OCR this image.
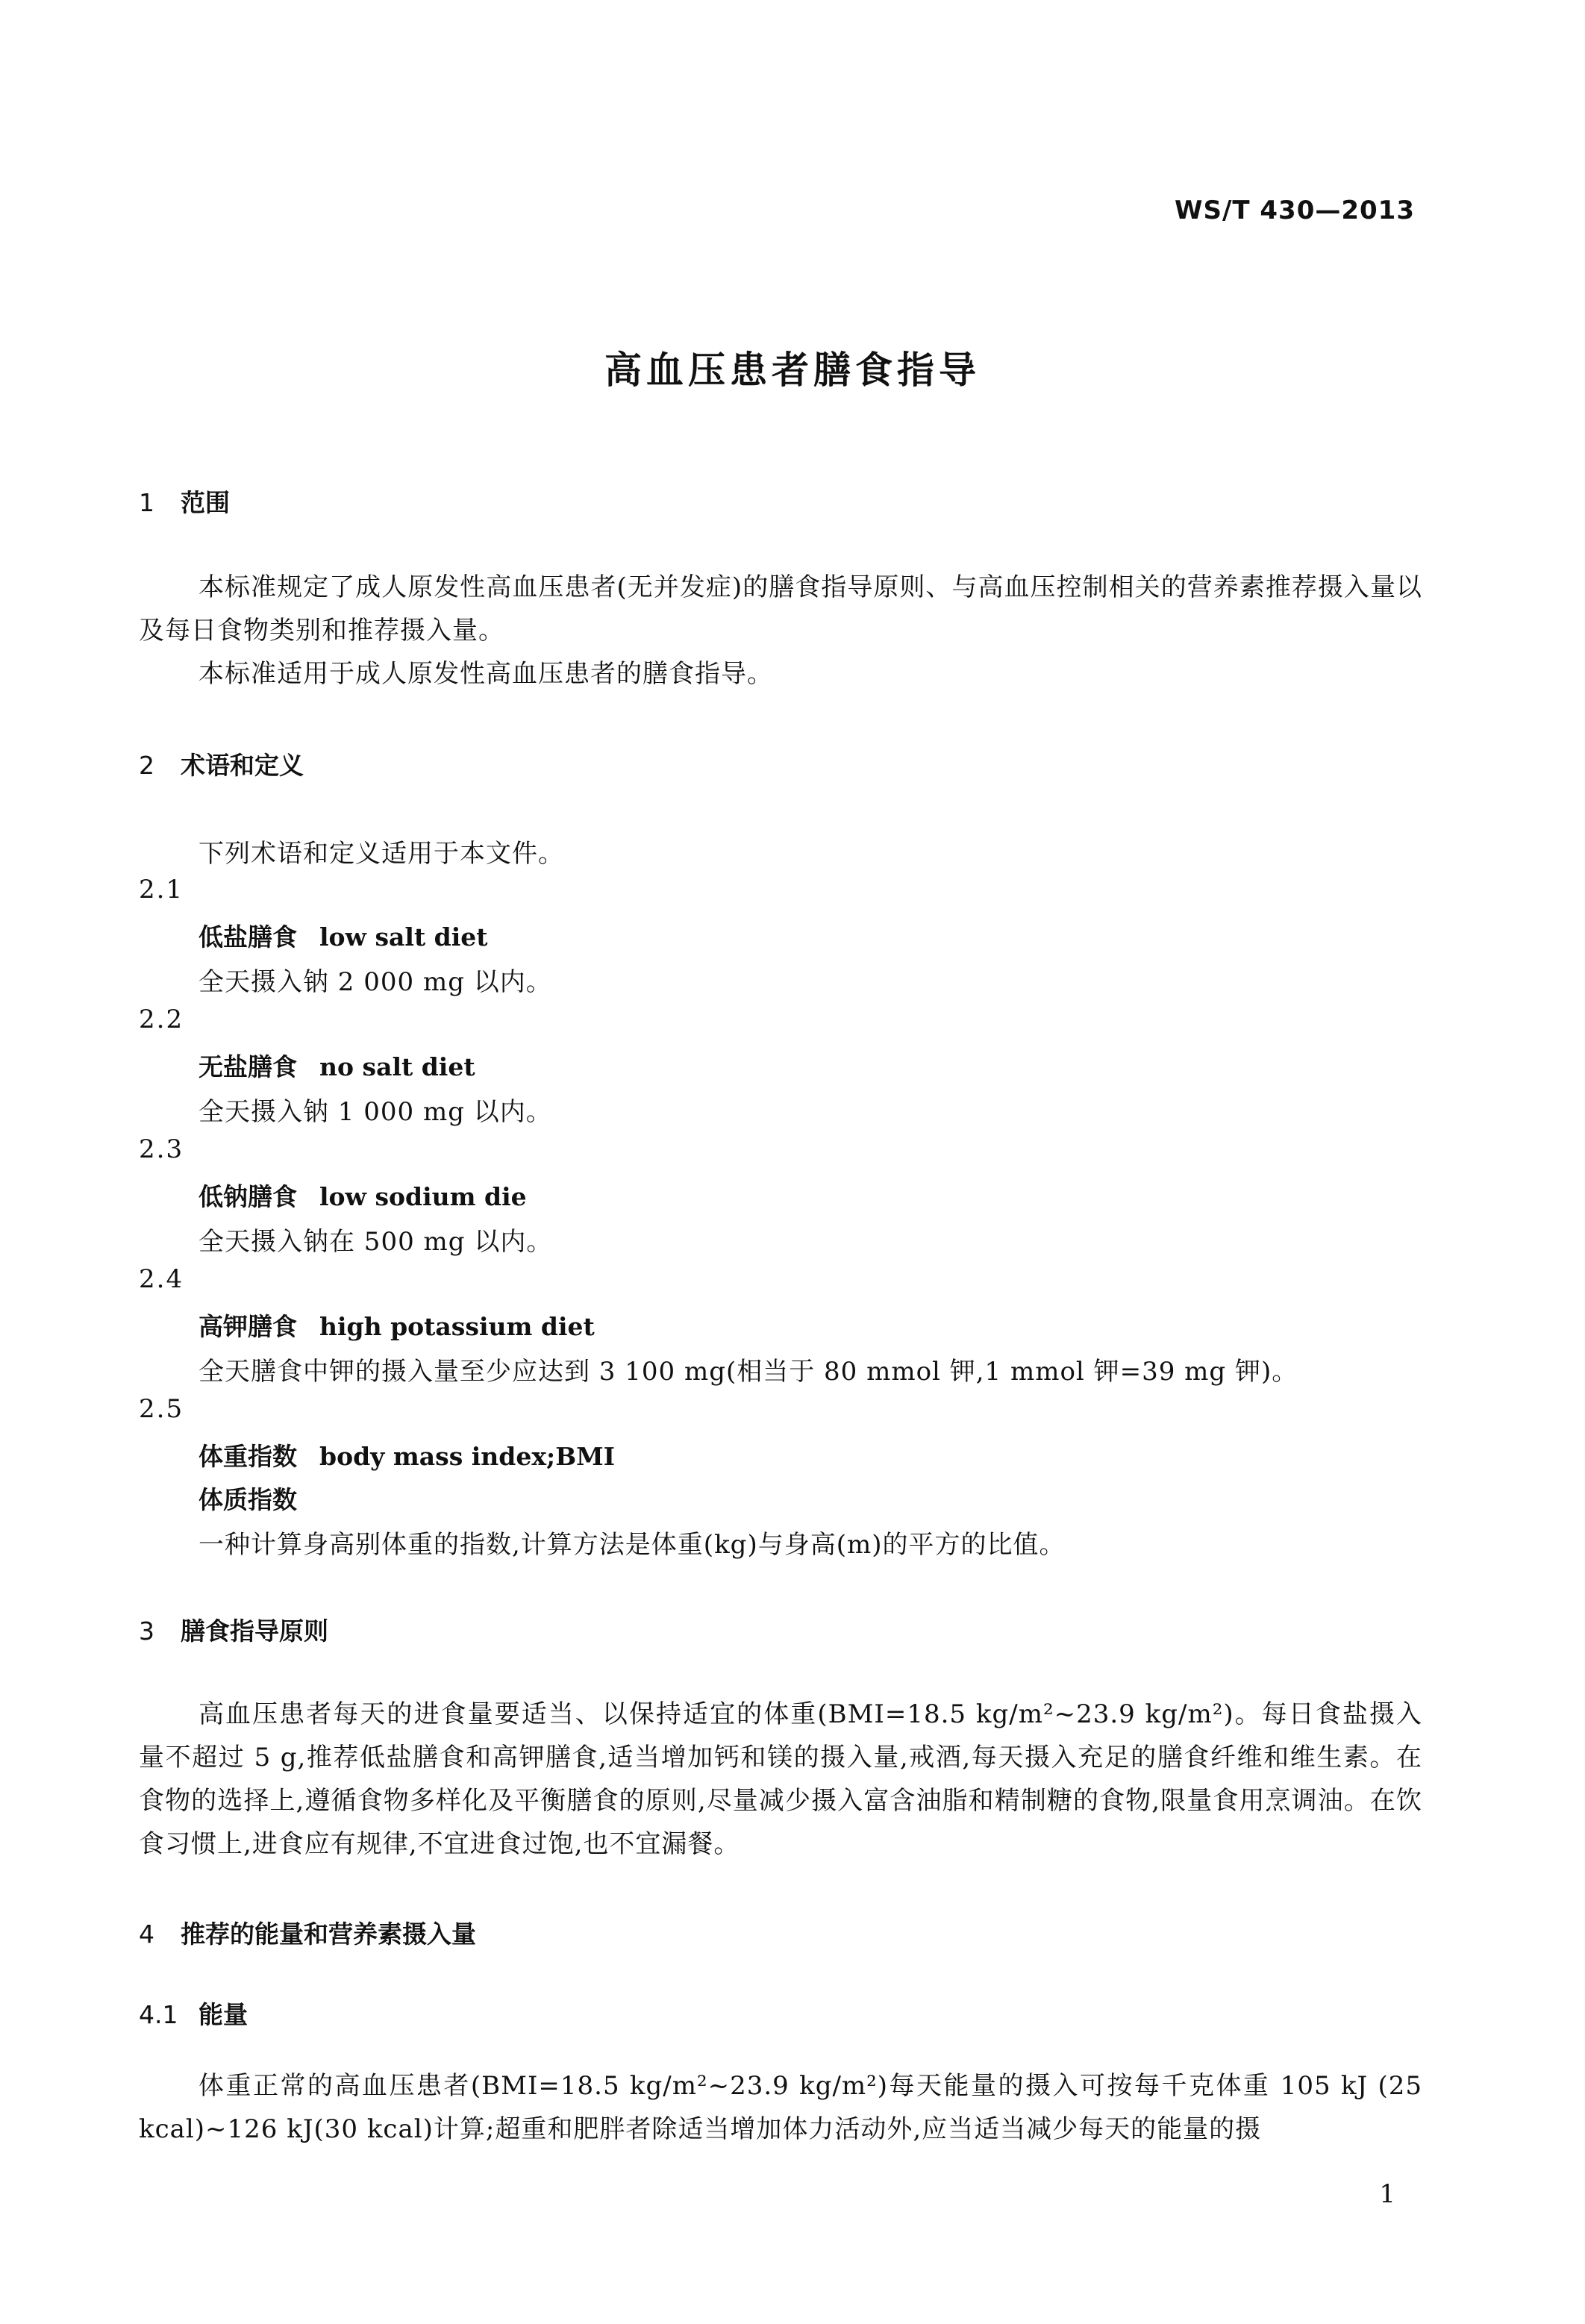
WS/T 430—2013
高血压患者膳食指导
1 范围
本标准规定了成人原发性高血压患者(无并发症)的膳食指导原则、与高血压控制相关的营养素推荐摄入量以及每日食物类别和推荐摄入量。
本标准适用于成人原发性高血压患者的膳食指导。
2 术语和定义
下列术语和定义适用于本文件。
2.1
低盐膳食 low salt diet
全天摄入钠 2 000 mg 以内。
2.2
无盐膳食 no salt diet
全天摄入钠 1 000 mg 以内。
2.3
低钠膳食 low sodium die
全天摄入钠在 500 mg 以内。
2.4
高钾膳食 high potassium diet
全天膳食中钾的摄入量至少应达到 3 100 mg(相当于 80 mmol 钾,1 mmol 钾=39 mg 钾)。
2.5
体重指数 body mass index;BMI
体质指数
一种计算身高别体重的指数,计算方法是体重(kg)与身高(m)的平方的比值。
3 膳食指导原则
高血压患者每天的进食量要适当、以保持适宜的体重(BMI=18.5 kg/m²~23.9 kg/m²)。每日食盐摄入量不超过 5 g,推荐低盐膳食和高钾膳食,适当增加钙和镁的摄入量,戒酒,每天摄入充足的膳食纤维和维生素。在食物的选择上,遵循食物多样化及平衡膳食的原则,尽量减少摄入富含油脂和精制糖的食物,限量食用烹调油。在饮食习惯上,进食应有规律,不宜进食过饱,也不宜漏餐。
4 推荐的能量和营养素摄入量
4.1 能量
体重正常的高血压患者(BMI=18.5 kg/m²~23.9 kg/m²)每天能量的摄入可按每千克体重 105 kJ (25 kcal)~126 kJ(30 kcal)计算;超重和肥胖者除适当增加体力活动外,应当适当减少每天的能量的摄
1
